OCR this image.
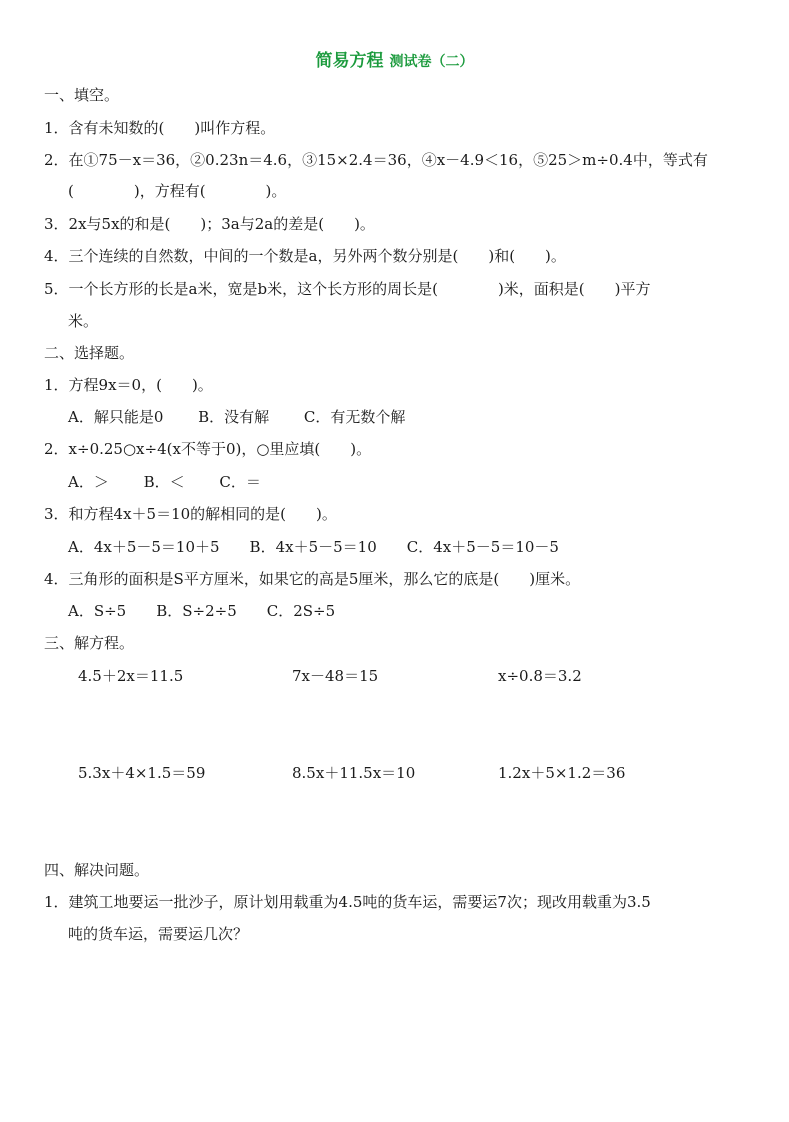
简易方程 测试卷（二）
一、填空。
1．含有未知数的(　　)叫作方程。
2．在①75－x＝36，②0.23n＝4.6，③15×2.4＝36，④x－4.9＜16，⑤25＞m÷0.4中，等式有
(　　　　)，方程有(　　　　)。
3．2x与5x的和是(　　)；3a与2a的差是(　　)。
4．三个连续的自然数，中间的一个数是a，另外两个数分别是(　　)和(　　)。
5．一个长方形的长是a米，宽是b米，这个长方形的周长是(　　　　)米，面积是(　　)平方
米。
二、选择题。
1．方程9x＝0，(　　)。
A．解只能是0　　 B．没有解　　 C．有无数个解
2．x÷0.25○x÷4(x不等于0)，○里应填(　　)。
A．＞　　 B．＜　　 C．＝
3．和方程4x＋5＝10的解相同的是(　　)。
A．4x＋5－5＝10＋5　　B．4x＋5－5＝10　　C．4x＋5－5＝10－5
4．三角形的面积是S平方厘米，如果它的高是5厘米，那么它的底是(　　)厘米。
A．S÷5　　B．S÷2÷5　　C．2S÷5
三、解方程。
4.5＋2x＝11.5	7x－48＝15	x÷0.8＝3.2
5.3x＋4×1.5＝59	8.5x＋11.5x＝10	1.2x＋5×1.2＝36
四、解决问题。
1．建筑工地要运一批沙子，原计划用载重为4.5吨的货车运，需要运7次；现改用载重为3.5
吨的货车运，需要运几次？
